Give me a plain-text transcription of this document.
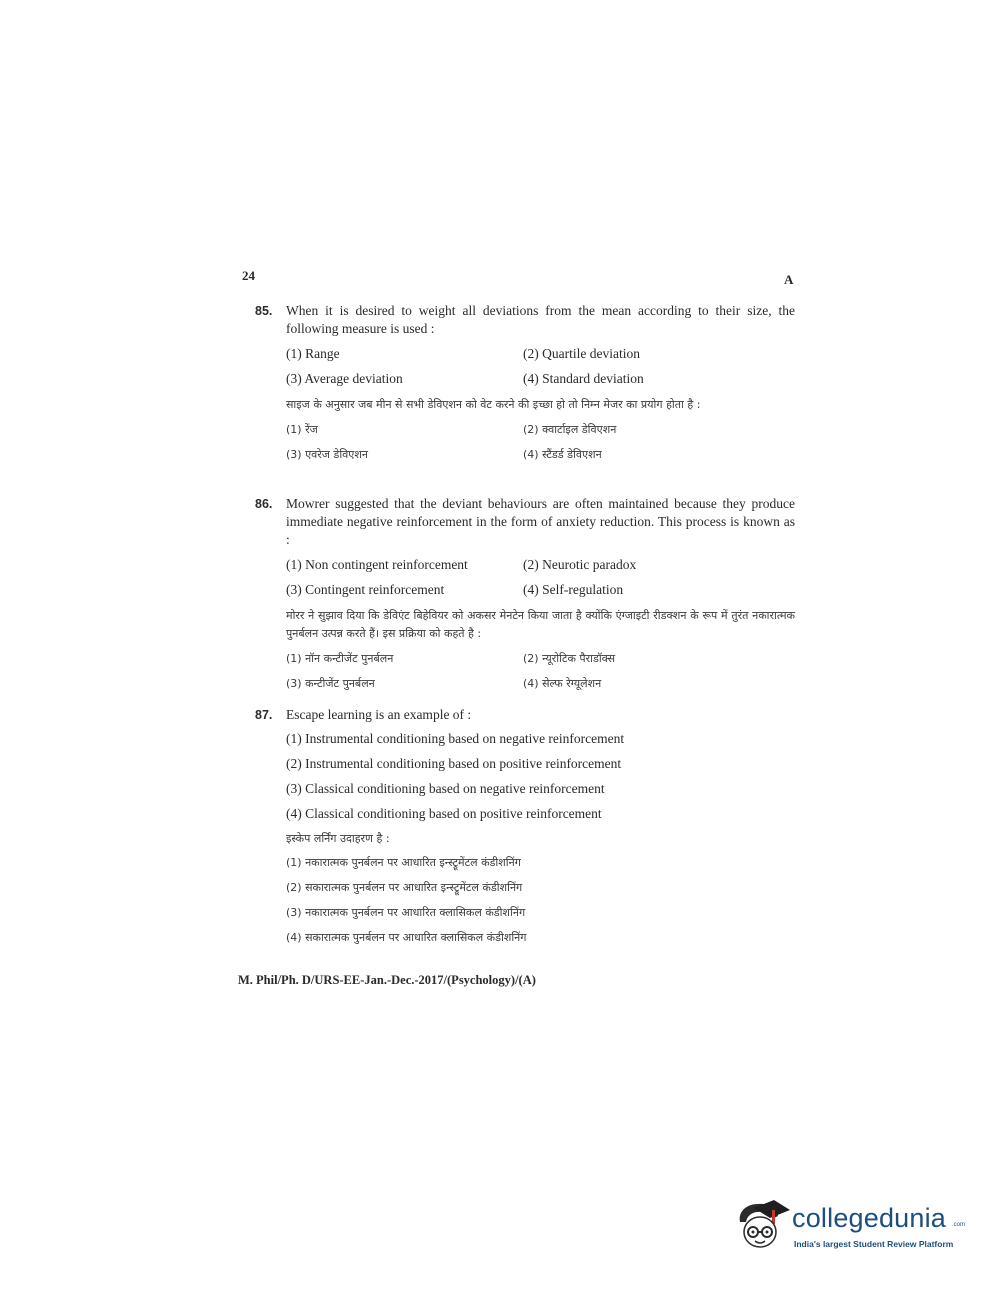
24	A
85. When it is desired to weight all deviations from the mean according to their size, the following measure is used :

(1) Range	(2) Quartile deviation
(3) Average deviation	(4) Standard deviation

साइज के अनुसार जब मीन से सभी डेविएशन को वेट करने की इच्छा हो तो निम्न मेजर का प्रयोग होता है :

(1) रेंज	(2) क्वार्टाइल डेविएशन
(3) एवरेज डेविएशन	(4) स्टैंडर्ड डेविएशन
86. Mowrer suggested that the deviant behaviours are often maintained because they produce immediate negative reinforcement in the form of anxiety reduction. This process is known as :

(1) Non contingent reinforcement	(2) Neurotic paradox
(3) Contingent reinforcement	(4) Self-regulation

मोरर ने सुझाव दिया कि डेविएंट बिहेवियर को अकसर मेनटेन किया जाता है क्योंकि एंग्जाइटी रीडक्शन के रूप में तुरंत नकारात्मक पुनर्बलन उत्पन्न करते हैं। इस प्रक्रिया को कहते है :

(1) नॉन कन्टीजेंट पुनर्बलन	(2) न्यूरोटिक पैराडॉक्स
(3) कन्टीजेंट पुनर्बलन	(4) सेल्फ रेग्यूलेशन
87. Escape learning is an example of :

(1) Instrumental conditioning based on negative reinforcement
(2) Instrumental conditioning based on positive reinforcement
(3) Classical conditioning based on negative reinforcement
(4) Classical conditioning based on positive reinforcement

इस्केप लर्निंग उदाहरण है :

(1) नकारात्मक पुनर्बलन पर आधारित इन्स्ट्रूमेंटल कंडीशनिंग
(2) सकारात्मक पुनर्बलन पर आधारित इन्स्ट्रूमेंटल कंडीशनिंग
(3) नकारात्मक पुनर्बलन पर आधारित क्लासिकल कंडीशनिंग
(4) सकारात्मक पुनर्बलन पर आधारित क्लासिकल कंडीशनिंग
M. Phil/Ph. D/URS-EE-Jan.-Dec.-2017/(Psychology)/(A)
collegedunia .com
India's largest Student Review Platform
